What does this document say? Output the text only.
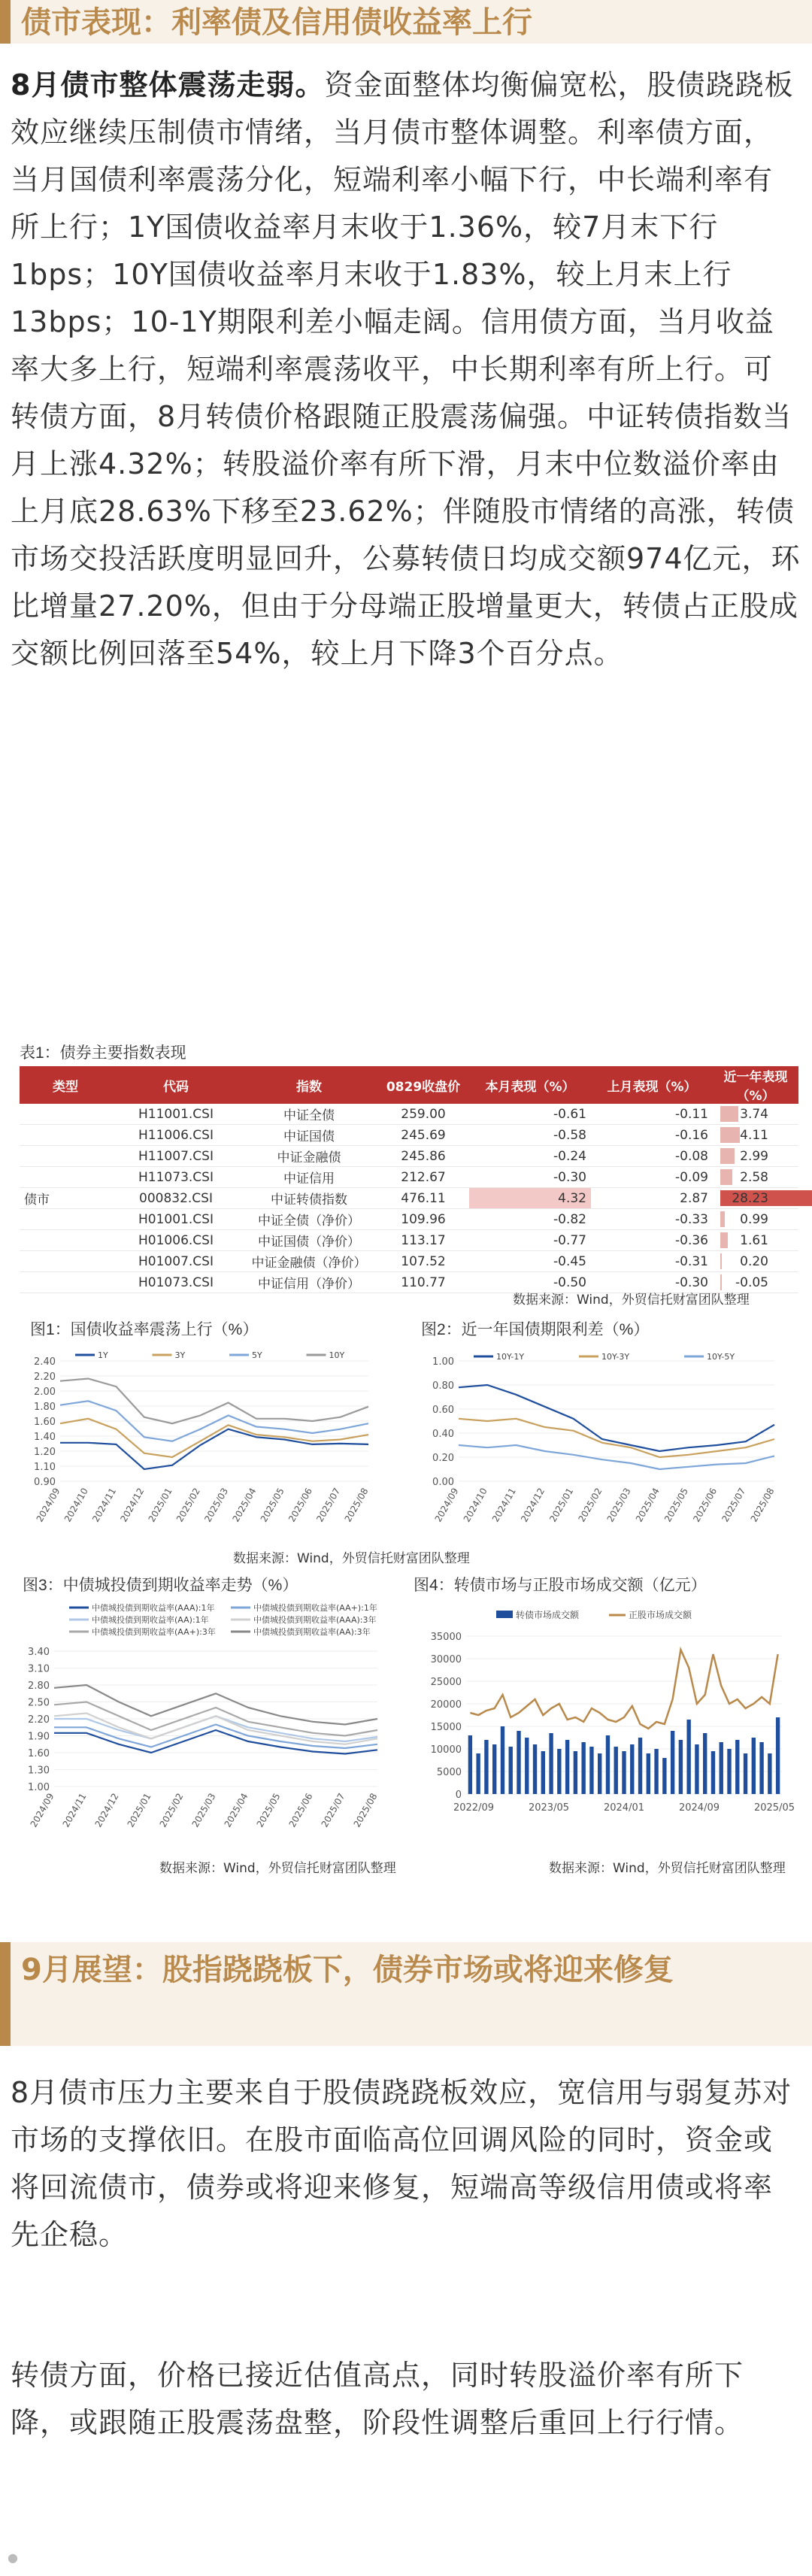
债市表现：利率债及信用债收益率上行

8月债市整体震荡走弱。资金面整体均衡偏宽松，股债跷跷板效应继续压制债市情绪，当月债市整体调整。利率债方面，当月国债利率震荡分化，短端利率小幅下行，中长端利率有所上行；1Y国债收益率月末收于1.36%，较7月末下行1bps；10Y国债收益率月末收于1.83%，较上月末上行13bps；10-1Y期限利差小幅走阔。信用债方面，当月收益率大多上行，短端利率震荡收平，中长期利率有所上行。可转债方面，8月转债价格跟随正股震荡偏强。中证转债指数当月上涨4.32%；转股溢价率有所下滑，月末中位数溢价率由上月底28.63%下移至23.62%；伴随股市情绪的高涨，转债市场交投活跃度明显回升，公募转债日均成交额974亿元，环比增量27.20%，但由于分母端正股增量更大，转债占正股成交额比例回落至54%，较上月下降3个百分点。

表1：债券主要指数表现
类型	代码	指数	0829收盘价	本月表现（%）	上月表现（%）	近一年表现（%）
	H11001.CSI	中证全债	259.00	-0.61	-0.11	3.74

	H11006.CSI	中证国债	245.69	-0.58	-0.16	4.11

	H11007.CSI	中证金融债	245.86	-0.24	-0.08	2.99

	H11073.CSI	中证信用	212.67	-0.30	-0.09	2.58

债市	000832.CSI	中证转债指数	476.11	4.32	2.87	28.23

	H01001.CSI	中证全债（净价）	109.96	-0.82	-0.33	0.99

	H01006.CSI	中证国债（净价）	113.17	-0.77	-0.36	1.61

	H01007.CSI	中证金融债（净价）	107.52	-0.45	-0.31	0.20

	H01073.CSI	中证信用（净价）	110.77	-0.50	-0.30	-0.05
数据来源：Wind，外贸信托财富团队整理
图1：国债收益率震荡上行（%）	图2：近一年国债期限利差（%）
2.40
2.20
2.00
1.80
1.60
1.40
1.20
1.10
0.90
2024/09 2024/10 2024/11 2024/12 2025/01 2025/02 2025/03 2025/04 2025/05 2025/06 2025/07 2025/08
1Y	3Y	5Y	10Y
1.00
0.80
0.60
0.40
0.20
0.00
2024/09 2024/10 2024/11 2024/12 2025/01 2025/02 2025/03 2025/04 2025/05 2025/06 2025/07 2025/08
10Y-1Y	10Y-3Y	10Y-5Y
数据来源：Wind，外贸信托财富团队整理
图3：中债城投债到期收益率走势（%）	图4：转债市场与正股市场成交额（亿元）
3.40
3.10
2.80
2.50
2.20
1.90
1.60
1.30
1.00
2024/09 2024/11 2024/12 2025/01 2025/02 2025/03 2025/04 2025/05 2025/06 2025/07 2025/08
中债城投债到期收益率(AAA):1年	中债城投债到期收益率(AA+):1年
中债城投债到期收益率(AA):1年	中债城投债到期收益率(AAA):3年
中债城投债到期收益率(AA+):3年	中债城投债到期收益率(AA):3年	35000
30000
25000
20000
15000
10000
5000
0
2022/09	2023/05	2024/01	2024/09	2025/05
转债市场成交额	正股市场成交额
数据来源：Wind，外贸信托财富团队整理	数据来源：Wind，外贸信托财富团队整理
9月展望：股指跷跷板下，债券市场或将迎来修复

8月债市压力主要来自于股债跷跷板效应，宽信用与弱复苏对市场的支撑依旧。在股市面临高位回调风险的同时，资金或将回流债市，债券或将迎来修复，短端高等级信用债或将率先企稳。

转债方面，价格已接近估值高点，同时转股溢价率有所下降，或跟随正股震荡盘整，阶段性调整后重回上行行情。

●
